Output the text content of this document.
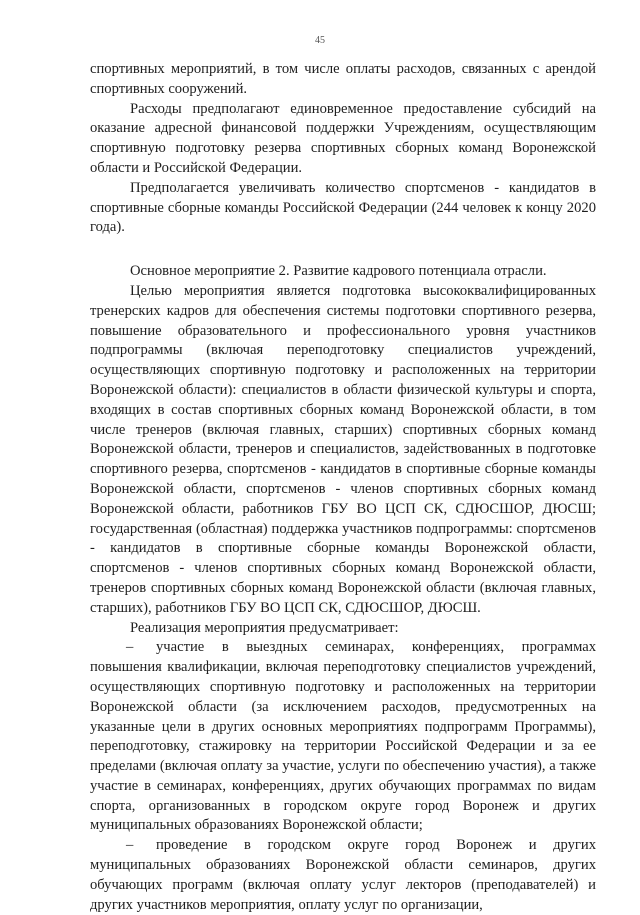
45

спортивных мероприятий, в том числе оплаты расходов, связанных с арендой спортивных сооружений.

Расходы предполагают единовременное предоставление субсидий на оказание адресной финансовой поддержки Учреждениям, осуществляющим спортивную подготовку резерва спортивных сборных команд Воронежской области и Российской Федерации.

Предполагается увеличивать количество спортсменов - кандидатов в спортивные сборные команды Российской Федерации (244 человек к концу 2020 года).

Основное мероприятие 2. Развитие кадрового потенциала отрасли.

Целью мероприятия является подготовка высококвалифицированных тренерских кадров для обеспечения системы подготовки спортивного резерва, повышение образовательного и профессионального уровня участников подпрограммы (включая переподготовку специалистов учреждений, осуществляющих спортивную подготовку и расположенных на территории Воронежской области): специалистов в области физической культуры и спорта, входящих в состав спортивных сборных команд Воронежской области, в том числе тренеров (включая главных, старших) спортивных сборных команд Воронежской области, тренеров и специалистов, задействованных в подготовке спортивного резерва, спортсменов - кандидатов в спортивные сборные команды Воронежской области, спортсменов - членов спортивных сборных команд Воронежской области, работников ГБУ ВО ЦСП СК, СДЮСШОР, ДЮСШ; государственная (областная) поддержка участников подпрограммы: спортсменов - кандидатов в спортивные сборные команды Воронежской области, спортсменов - членов спортивных сборных команд Воронежской области, тренеров спортивных сборных команд Воронежской области (включая главных, старших), работников ГБУ ВО ЦСП СК, СДЮСШОР, ДЮСШ.

Реализация мероприятия предусматривает:

– участие в выездных семинарах, конференциях, программах повышения квалификации, включая переподготовку специалистов учреждений, осуществляющих спортивную подготовку и расположенных на территории Воронежской области (за исключением расходов, предусмотренных на указанные цели в других основных мероприятиях подпрограмм Программы), переподготовку, стажировку на территории Российской Федерации и за ее пределами (включая оплату за участие, услуги по обеспечению участия), а также участие в семинарах, конференциях, других обучающих программах по видам спорта, организованных в городском округе город Воронеж и других муниципальных образованиях Воронежской области;

– проведение в городском округе город Воронеж и других муниципальных образованиях Воронежской области семинаров, других обучающих программ (включая оплату услуг лекторов (преподавателей) и других участников мероприятия, оплату услуг по организации,
